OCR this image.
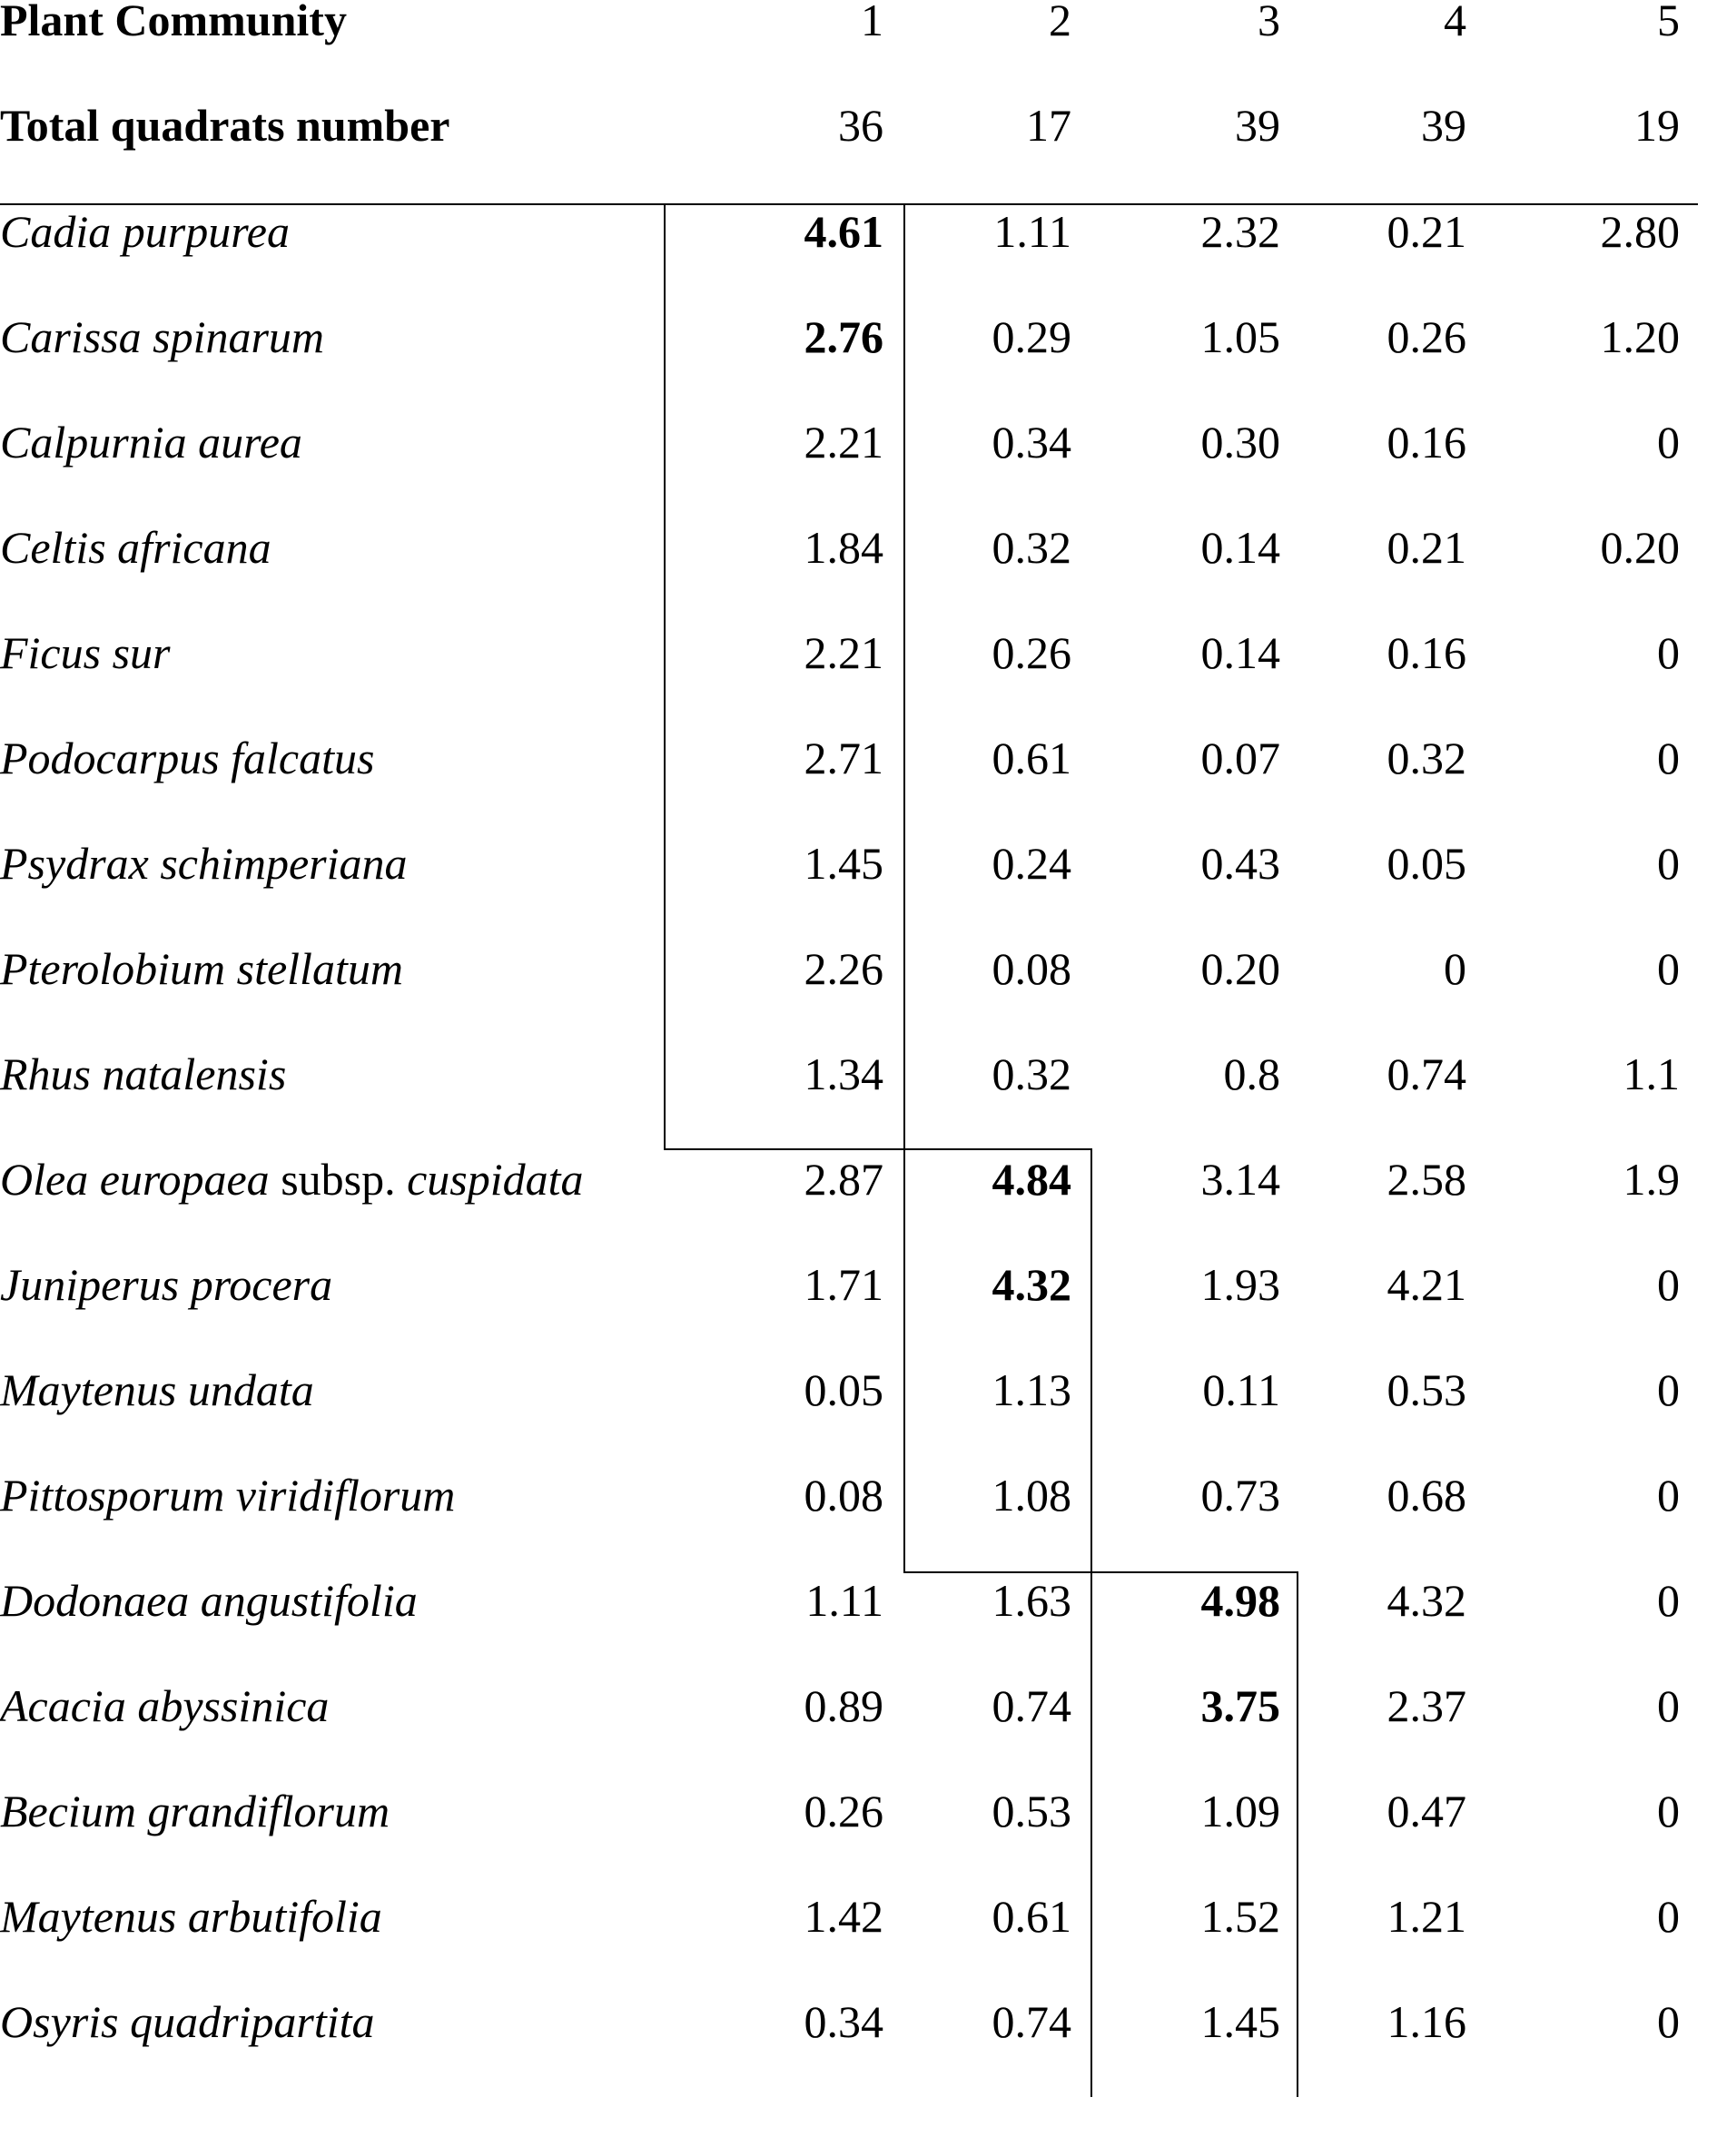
Plant Community	1	2	3	4	5
Total quadrats number	36	17	39	39	19
Cadia purpurea	4.61	1.11	2.32	0.21	2.80
Carissa spinarum	2.76	0.29	1.05	0.26	1.20
Calpurnia aurea	2.21	0.34	0.30	0.16	0
Celtis africana	1.84	0.32	0.14	0.21	0.20
Ficus sur	2.21	0.26	0.14	0.16	0
Podocarpus falcatus	2.71	0.61	0.07	0.32	0
Psydrax schimperiana	1.45	0.24	0.43	0.05	0
Pterolobium stellatum	2.26	0.08	0.20	0	0
Rhus natalensis	1.34	0.32	0.8	0.74	1.1
Olea europaea subsp. cuspidata	2.87	4.84	3.14	2.58	1.9
Juniperus procera	1.71	4.32	1.93	4.21	0
Maytenus undata	0.05	1.13	0.11	0.53	0
Pittosporum viridiflorum	0.08	1.08	0.73	0.68	0
Dodonaea angustifolia	1.11	1.63	4.98	4.32	0
Acacia abyssinica	0.89	0.74	3.75	2.37	0
Becium grandiflorum	0.26	0.53	1.09	0.47	0
Maytenus arbutifolia	1.42	0.61	1.52	1.21	0
Osyris quadripartita	0.34	0.74	1.45	1.16	0
